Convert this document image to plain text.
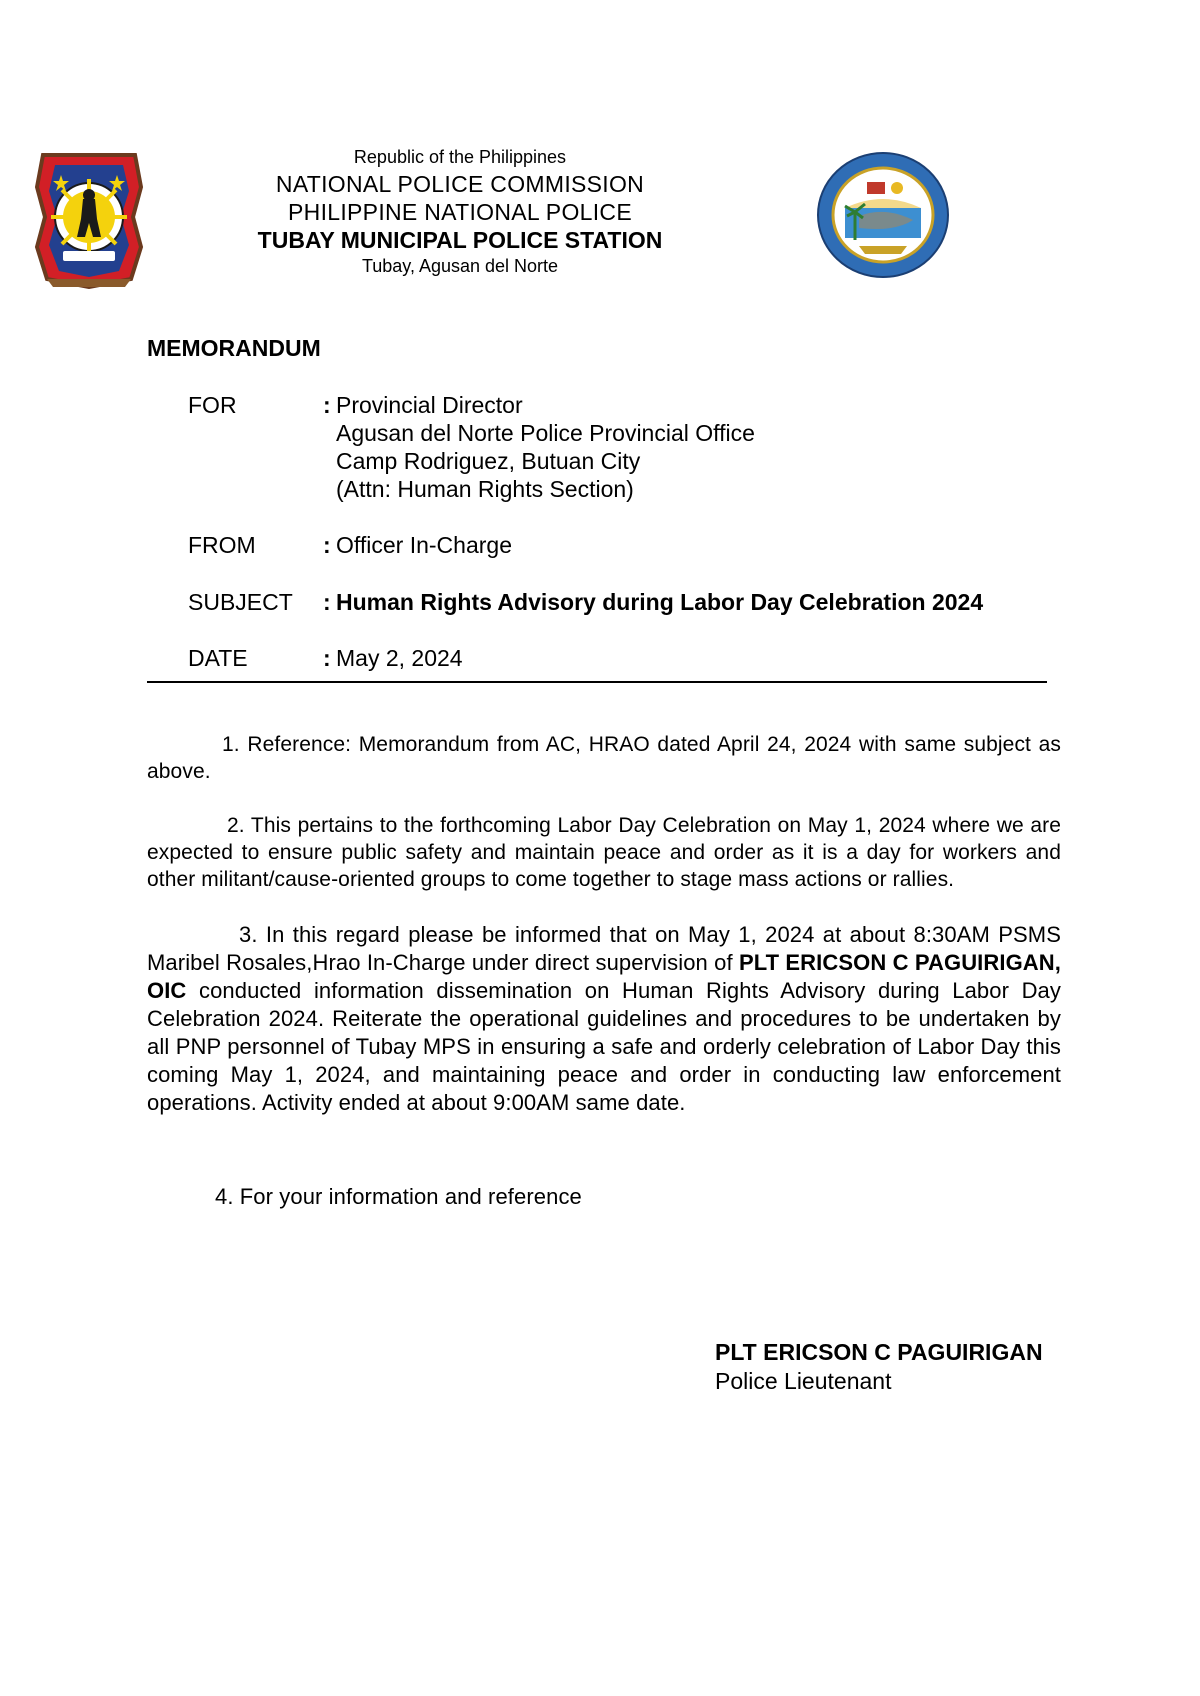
Republic of the Philippines
NATIONAL POLICE COMMISSION
PHILIPPINE NATIONAL POLICE
TUBAY MUNICIPAL POLICE STATION
Tubay, Agusan del Norte
MEMORANDUM
FOR	: Provincial Director
Agusan del Norte Police Provincial Office
Camp Rodriguez, Butuan City
(Attn: Human Rights Section)
FROM	: Officer In-Charge
SUBJECT : Human Rights Advisory during Labor Day Celebration 2024
DATE	: May 2, 2024
1. Reference: Memorandum from AC, HRAO dated April 24, 2024 with same subject as above.
2. This pertains to the forthcoming Labor Day Celebration on May 1, 2024 where we are expected to ensure public safety and maintain peace and order as it is a day for workers and other militant/cause-oriented groups to come together to stage mass actions or rallies.
3. In this regard please be informed that on May 1, 2024 at about 8:30AM PSMS Maribel Rosales,Hrao In-Charge under direct supervision of PLT ERICSON C PAGUIRIGAN, OIC conducted information dissemination on Human Rights Advisory during Labor Day Celebration 2024. Reiterate the operational guidelines and procedures to be undertaken by all PNP personnel of Tubay MPS in ensuring a safe and orderly celebration of Labor Day this coming May 1, 2024, and maintaining peace and order in conducting law enforcement operations. Activity ended at about 9:00AM same date.
4. For your information and reference
PLT ERICSON C PAGUIRIGAN
Police Lieutenant
